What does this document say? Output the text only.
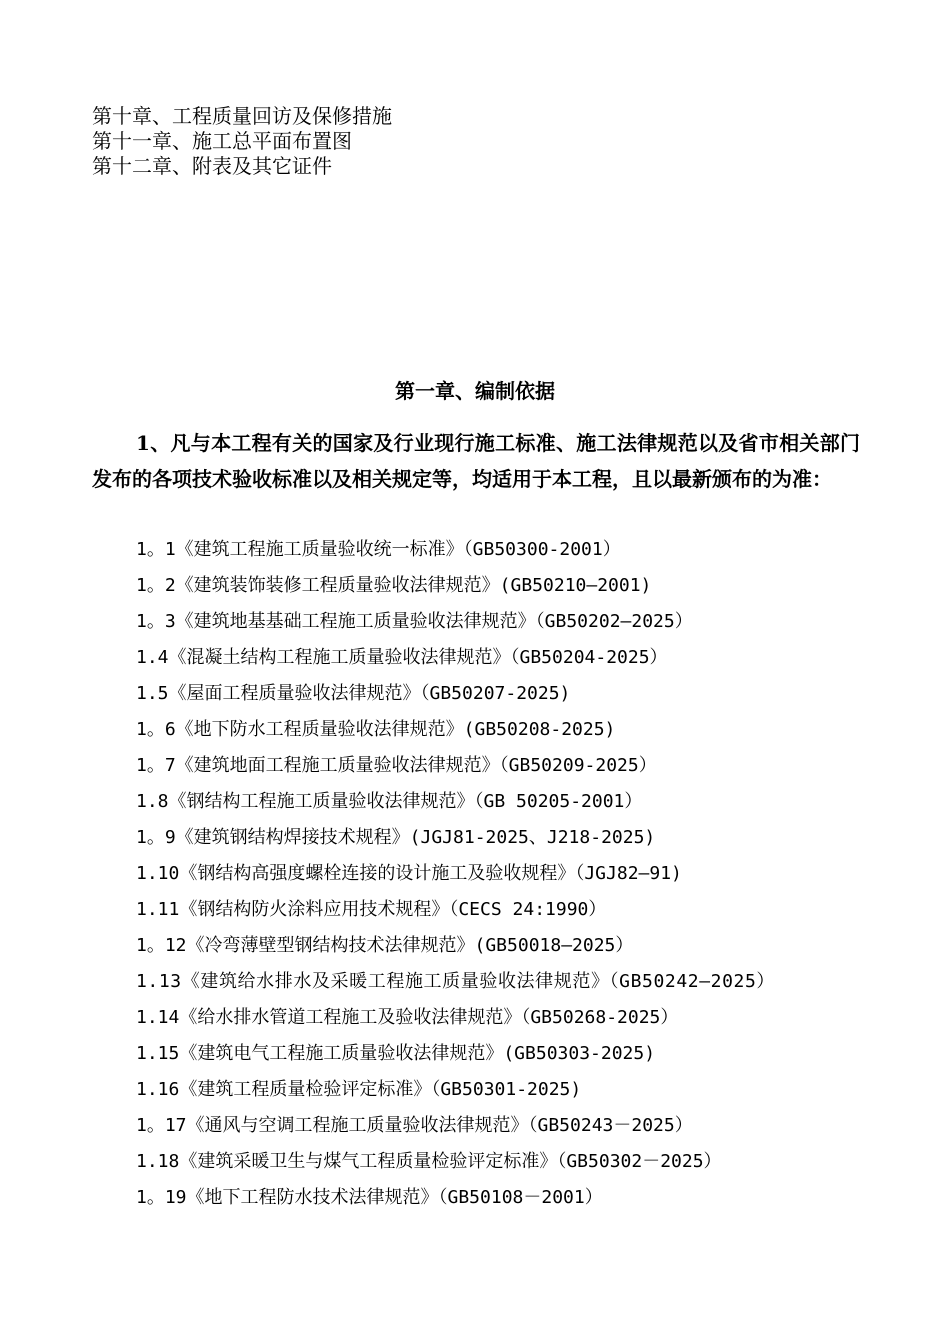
第十章、工程质量回访及保修措施
第十一章、施工总平面布置图
第十二章、附表及其它证件
第一章、编制依据
1、凡与本工程有关的国家及行业现行施工标准、施工法律规范以及省市相关部门发布的各项技术验收标准以及相关规定等，均适用于本工程，且以最新颁布的为准：
1。1《建筑工程施工质量验收统一标准》（GB50300-2001）
1。2《建筑装饰装修工程质量验收法律规范》(GB50210—2001)
1。3《建筑地基基础工程施工质量验收法律规范》（GB50202—2025）
1.4《混凝土结构工程施工质量验收法律规范》（GB50204-2025）
1.5《屋面工程质量验收法律规范》（GB50207-2025)
1。6《地下防水工程质量验收法律规范》(GB50208-2025)
1。7《建筑地面工程施工质量验收法律规范》（GB50209-2025）
1.8《钢结构工程施工质量验收法律规范》（GB 50205-2001）
1。9《建筑钢结构焊接技术规程》(JGJ81-2025、J218-2025)
1.10《钢结构高强度螺栓连接的设计施工及验收规程》（JGJ82—91)
1.11《钢结构防火涂料应用技术规程》（CECS 24:1990）
1。12《冷弯薄壁型钢结构技术法律规范》(GB50018—2025）
1.13《建筑给水排水及采暖工程施工质量验收法律规范》（GB50242—2025）
1.14《给水排水管道工程施工及验收法律规范》（GB50268-2025）
1.15《建筑电气工程施工质量验收法律规范》(GB50303-2025)
1.16《建筑工程质量检验评定标准》（GB50301-2025)
1。17《通风与空调工程施工质量验收法律规范》（GB50243－2025）
1.18《建筑采暖卫生与煤气工程质量检验评定标准》（GB50302－2025）
1。19《地下工程防水技术法律规范》（GB50108－2001）
